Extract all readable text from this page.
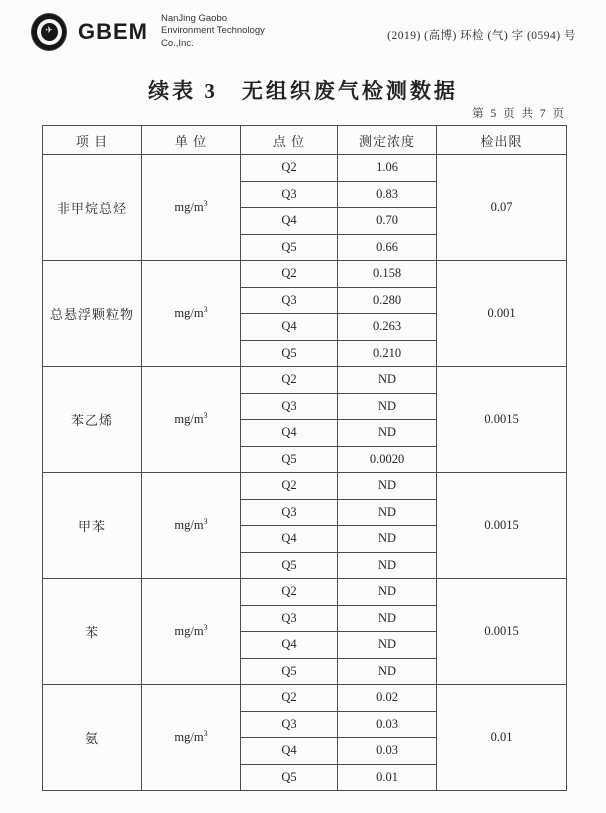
✈ GBEM
NanJing Gaobo
Environment Technology
Co.,Inc.
(2019) (高博) 环检 (气) 字 (0594) 号
续表 3　无组织废气检测数据
第 5 页 共 7 页
项 目	单 位	点 位	测定浓度	检出限
非甲烷总烃	$mg/m^3$	Q2	1.06	0.07
		Q3	0.83	
		Q4	0.70	
		Q5	0.66	
总悬浮颗粒物	$mg/m^3$	Q2	0.158	0.001
		Q3	0.280	
		Q4	0.263	
		Q5	0.210	
苯乙烯	$mg/m^3$	Q2	ND	0.0015
		Q3	ND	
		Q4	ND	
		Q5	0.0020	
甲苯	$mg/m^3$	Q2	ND	0.0015
		Q3	ND	
		Q4	ND	
		Q5	ND	
苯	$mg/m^3$	Q2	ND	0.0015
		Q3	ND	
		Q4	ND	
		Q5	ND	
氨	$mg/m^3$	Q2	0.02	0.01
		Q3	0.03	
		Q4	0.03	
		Q5	0.01	
